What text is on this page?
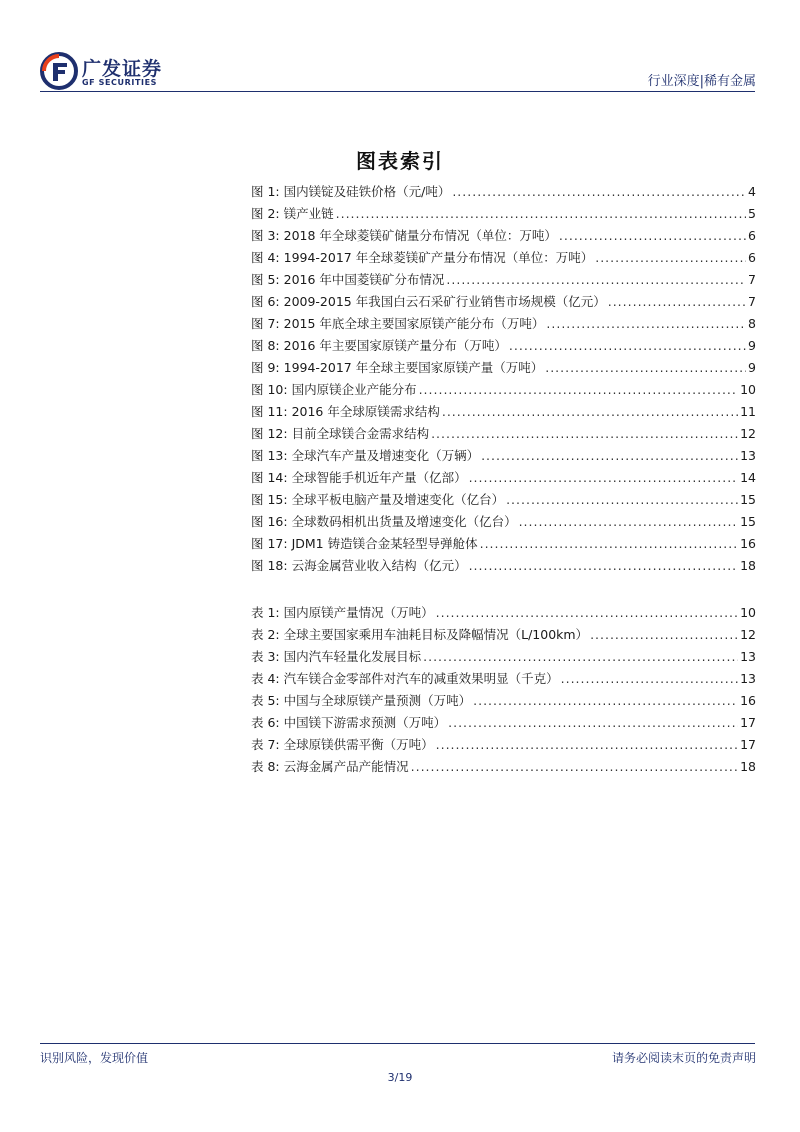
广发证券
GF SECURITIES	行业深度|稀有金属
图表索引
图 1: 国内镁锭及硅铁价格（元/吨） .....	4
图 2: 镁产业链 .....	5
图 3: 2018 年全球菱镁矿储量分布情况（单位：万吨） .....	6
图 4: 1994-2017 年全球菱镁矿产量分布情况（单位：万吨） .....	6
图 5: 2016 年中国菱镁矿分布情况 .....	7
图 6: 2009-2015 年我国白云石采矿行业销售市场规模（亿元） .....	7
图 7: 2015 年底全球主要国家原镁产能分布（万吨） .....	8
图 8: 2016 年主要国家原镁产量分布（万吨） .....	9
图 9: 1994-2017 年全球主要国家原镁产量（万吨） .....	9
图 10: 国内原镁企业产能分布 .....	10
图 11: 2016 年全球原镁需求结构 .....	11
图 12: 目前全球镁合金需求结构 .....	12
图 13: 全球汽车产量及增速变化（万辆） .....	13
图 14: 全球智能手机近年产量（亿部） .....	14
图 15: 全球平板电脑产量及增速变化（亿台） .....	15
图 16: 全球数码相机出货量及增速变化（亿台） .....	15
图 17: JDM1 铸造镁合金某轻型导弹舱体 .....	16
图 18: 云海金属营业收入结构（亿元） .....	18
表 1: 国内原镁产量情况（万吨） .....	10
表 2: 全球主要国家乘用车油耗目标及降幅情况（L/100km） .....	12
表 3: 国内汽车轻量化发展目标 .....	13
表 4: 汽车镁合金零部件对汽车的减重效果明显（千克） .....	13
表 5: 中国与全球原镁产量预测（万吨） .....	16
表 6: 中国镁下游需求预测（万吨） .....	17
表 7: 全球原镁供需平衡（万吨） .....	17
表 8: 云海金属产品产能情况 .....	18
识别风险，发现价值	请务必阅读末页的免责声明
3/19
